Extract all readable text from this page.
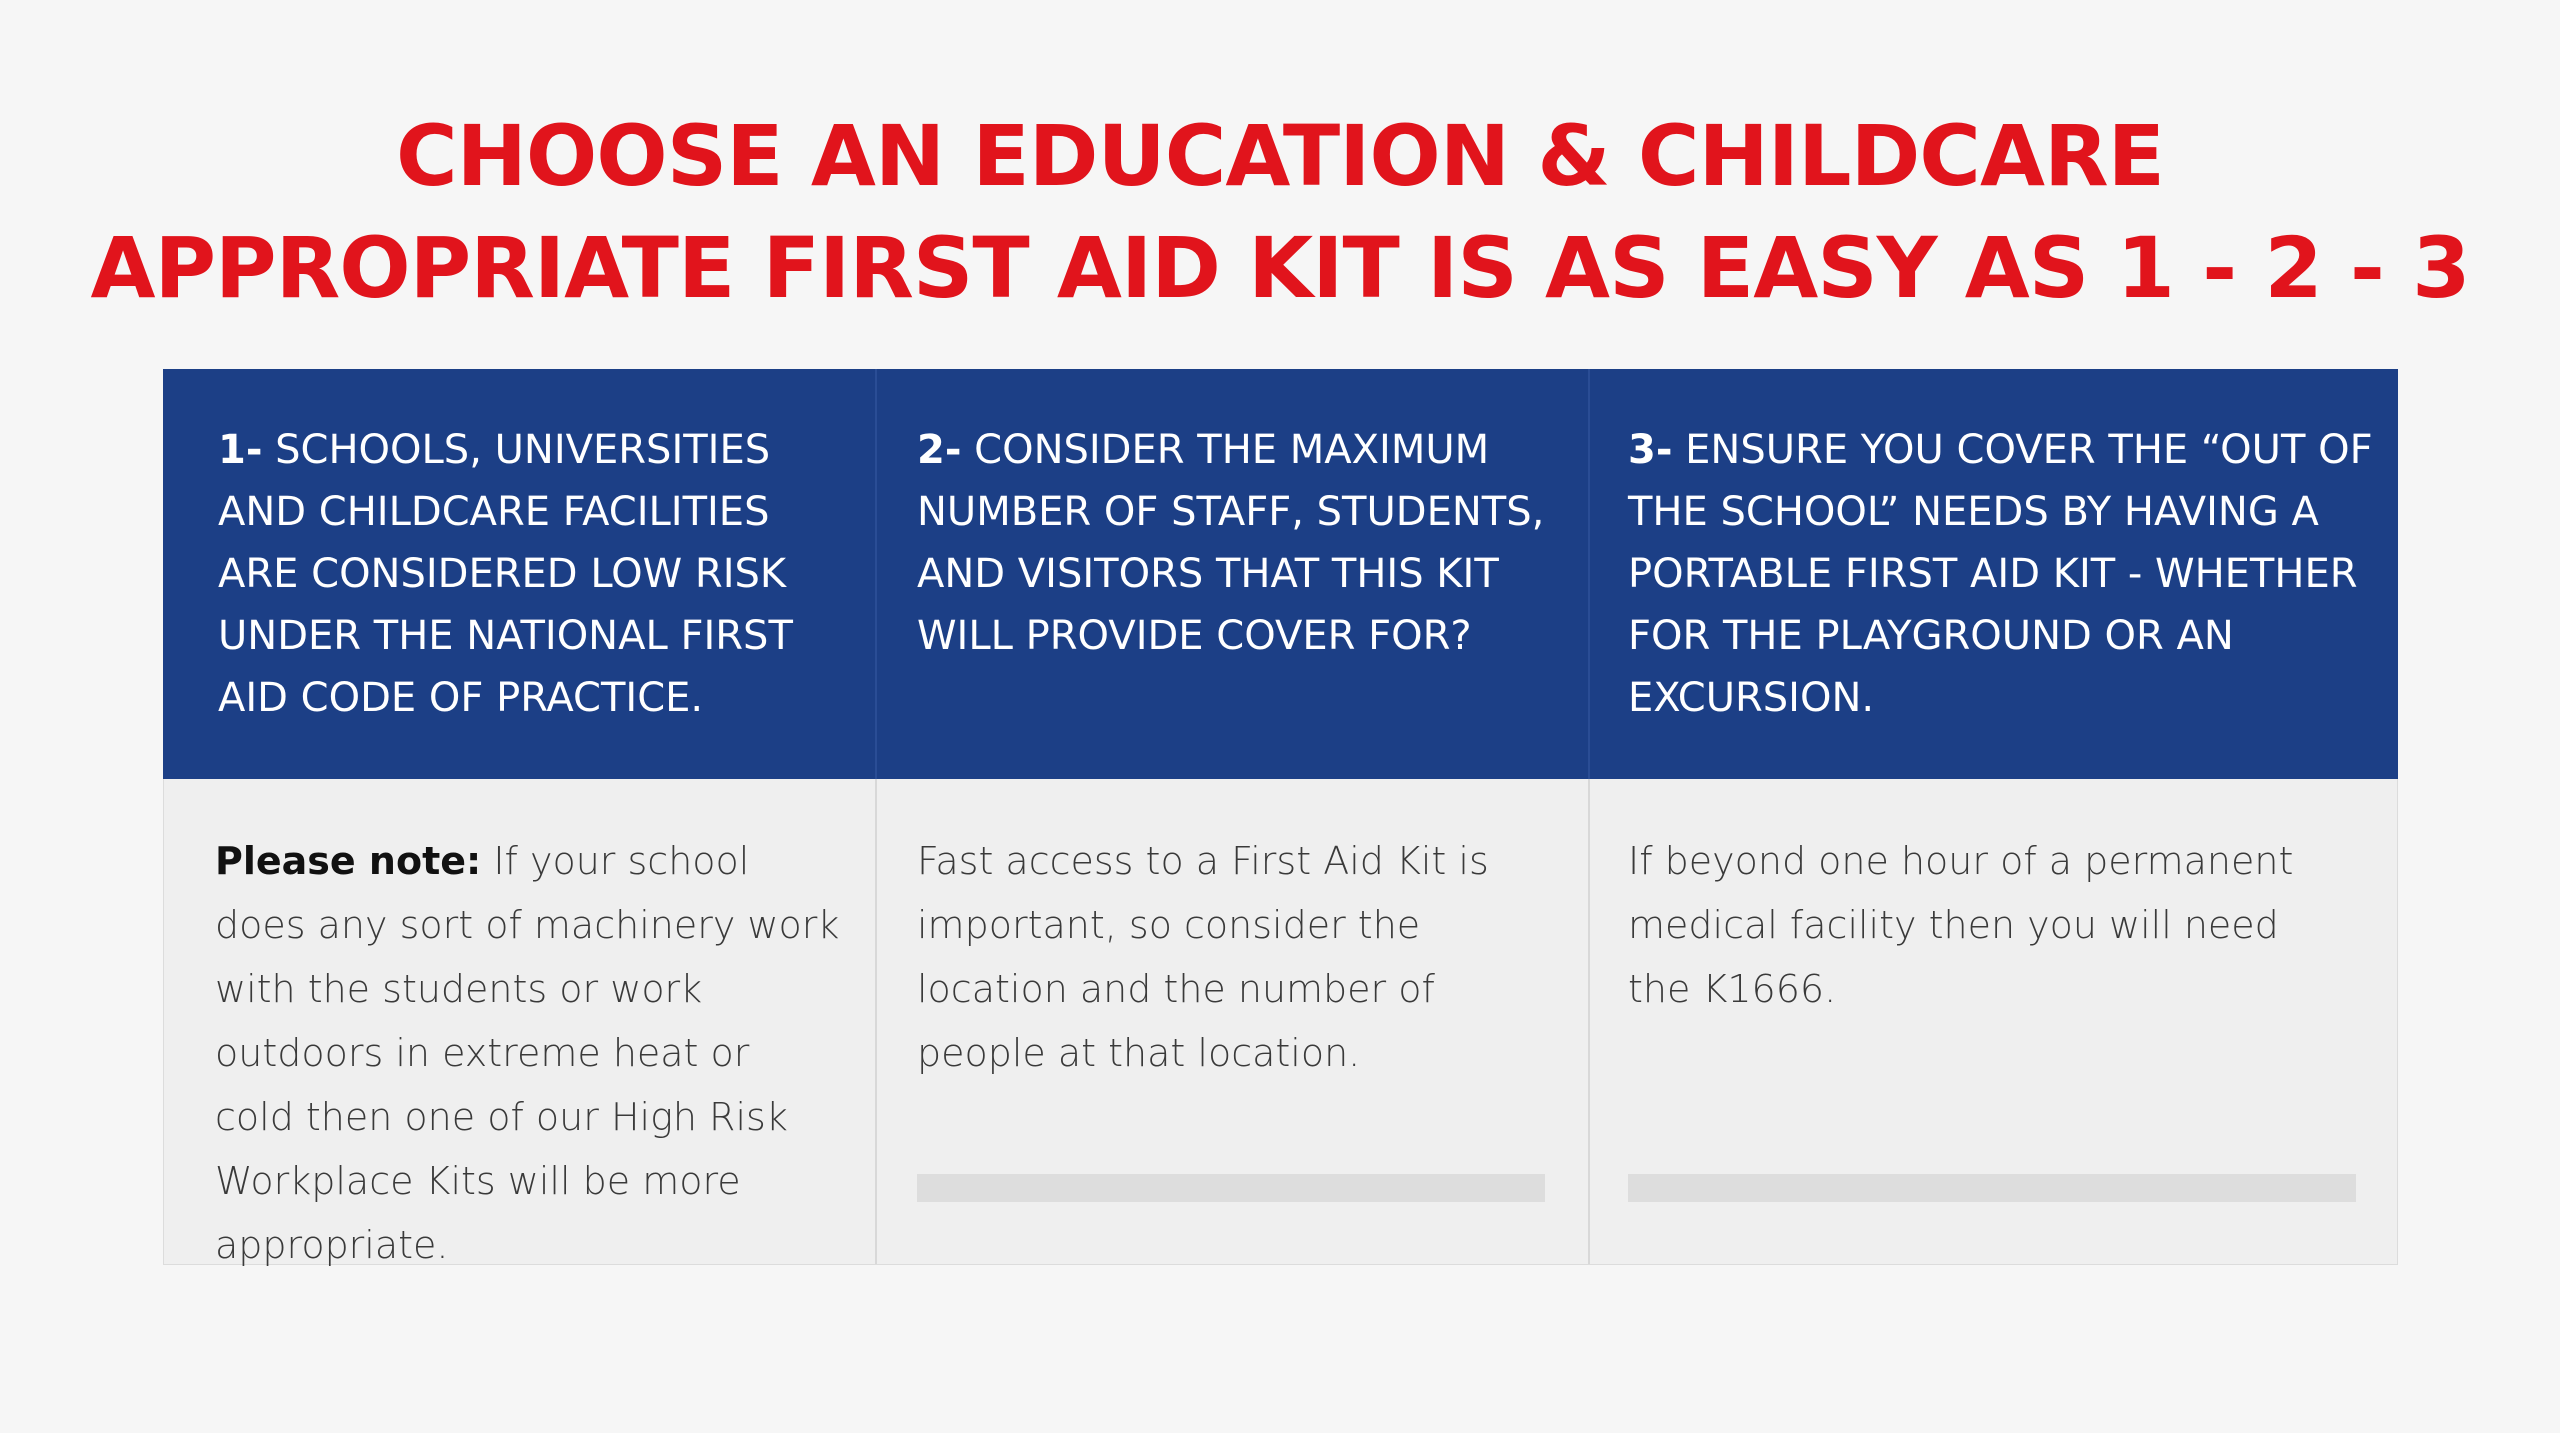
CHOOSE AN EDUCATION & CHILDCARE
APPROPRIATE FIRST AID KIT IS AS EASY AS 1 - 2 - 3

1- SCHOOLS, UNIVERSITIES AND CHILDCARE FACILITIES ARE CONSIDERED LOW RISK UNDER THE NATIONAL FIRST AID CODE OF PRACTICE.

2- CONSIDER THE MAXIMUM NUMBER OF STAFF, STUDENTS, AND VISITORS THAT THIS KIT WILL PROVIDE COVER FOR?

3- ENSURE YOU COVER THE “OUT OF THE SCHOOL” NEEDS BY HAVING A PORTABLE FIRST AID KIT - WHETHER FOR THE PLAYGROUND OR AN EXCURSION.

Please note: If your school does any sort of machinery work with the students or work outdoors in extreme heat or cold then one of our High Risk Workplace Kits will be more appropriate.

Fast access to a First Aid Kit is important, so consider the location and the number of people at that location.

If beyond one hour of a permanent medical facility then you will need the K1666.
